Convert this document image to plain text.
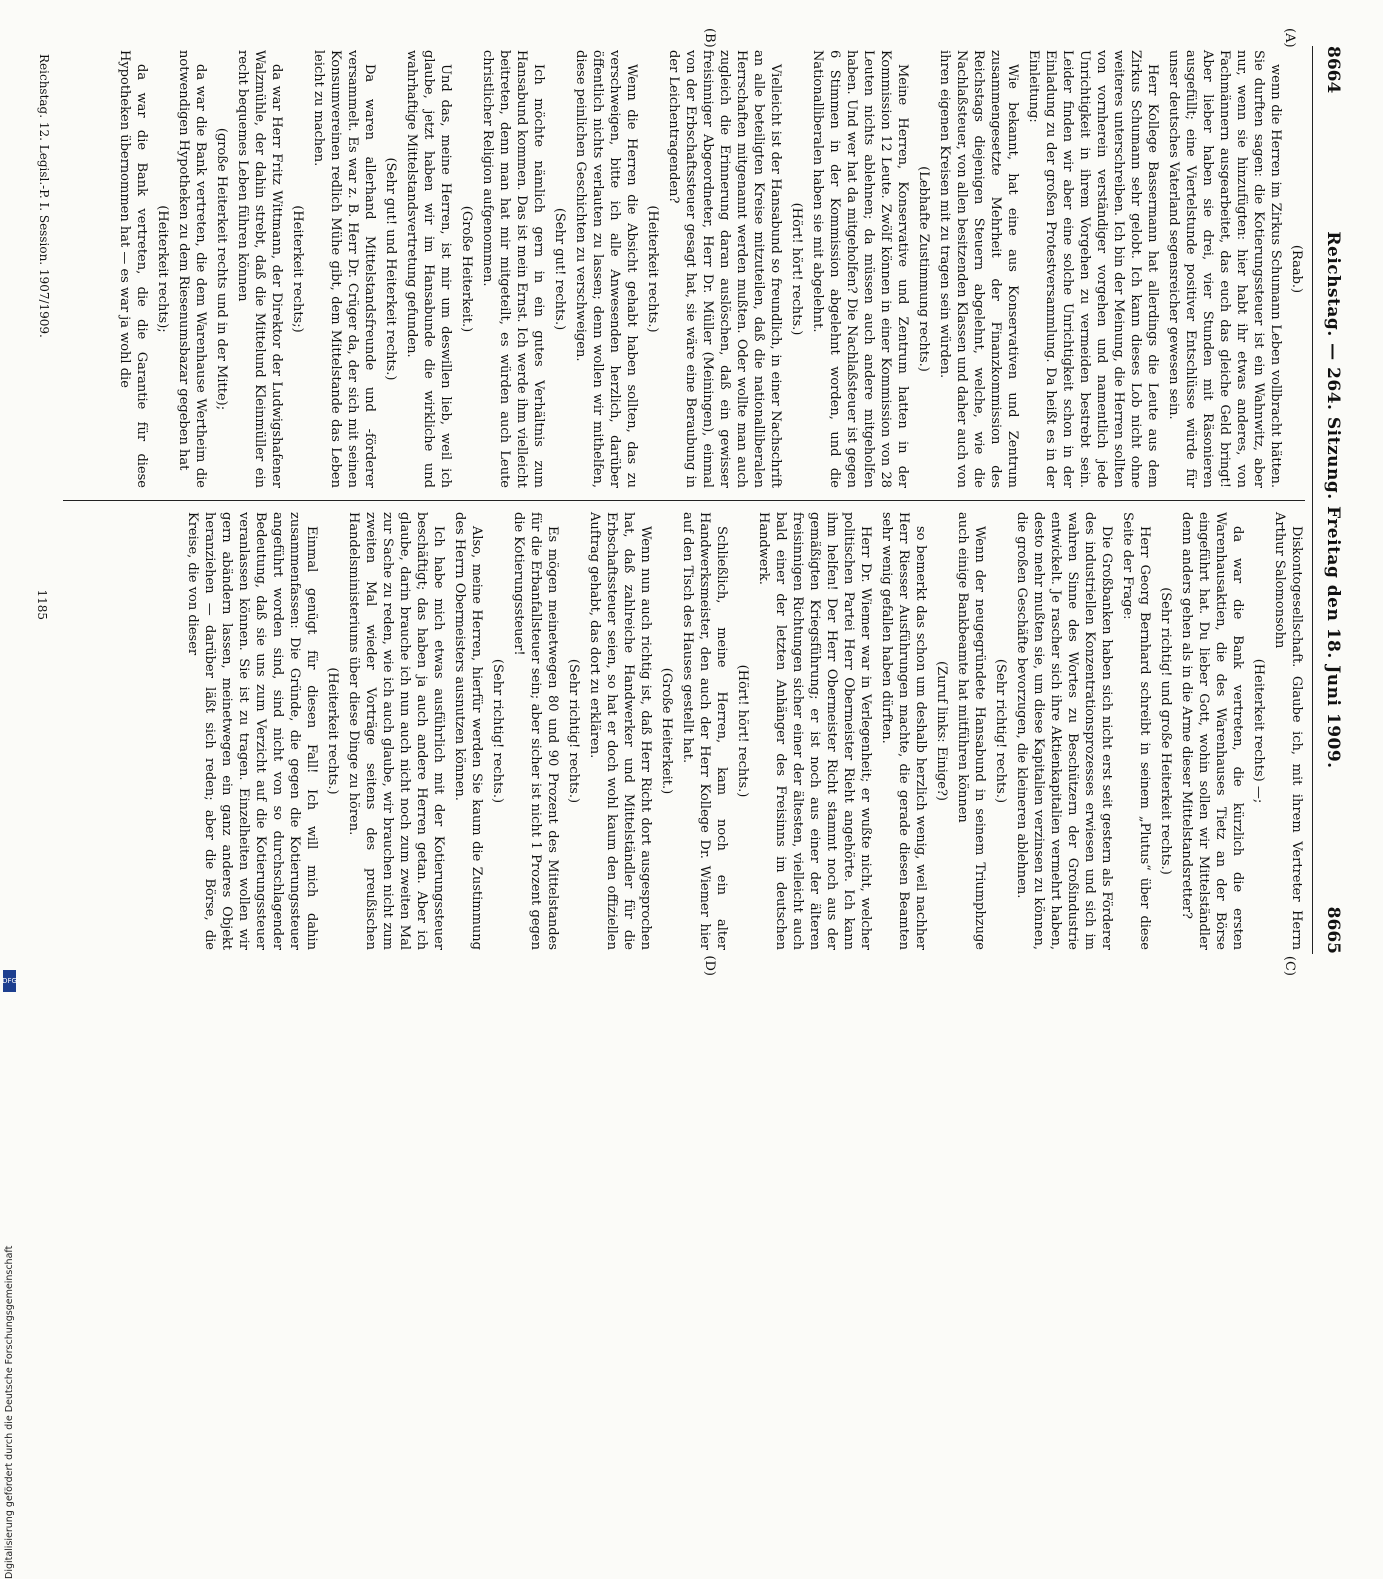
8664
Reichstag. — 264. Sitzung. Freitag den 18. Juni 1909.
8665
(A)
(B)
(C)
(D)

(Raab.)

wenn die Herren im Zirkus Schumann Leben vollbracht hätten. Sie durften sagen: die Kotierungssteuer ist ein Wahnwitz, aber nur, wenn sie hinzufügten: hier habt ihr etwas anderes, von Fachmännern ausgearbeitet, das euch das gleiche Geld bringt! Aber lieber haben sie drei, vier Stunden mit Räsonieren ausgefüllt; eine Viertelstunde positiver Entschlüsse würde für unser deutsches Vaterland segensreicher gewesen sein.

Herr Kollege Bassermann hat allerdings die Leute aus dem Zirkus Schumann sehr gelobt. Ich kann dieses Lob nicht ohne weiteres unterschreiben. Ich bin der Meinung, die Herren sollten von vornherein verständiger vorgehen und namentlich jede Unrichtigkeit in ihrem Vorgehen zu vermeiden bestrebt sein. Leider finden wir aber eine solche Unrichtigkeit schon in der Einladung zu der großen Protestversammlung. Da heißt es in der Einleitung:

Wie bekannt, hat eine aus Konservativen und Zentrum zusammengesetzte Mehrheit der Finanzkommission des Reichstags diejenigen Steuern abgelehnt, welche, wie die Nachlaßsteuer, von allen besitzenden Klassen und daher auch von ihren eigenen Kreisen mit zu tragen sein würden.

(Lebhafte Zustimmung rechts.)

Meine Herren, Konservative und Zentrum hatten in der Kommission 12 Leute. Zwölf können in einer Kommission von 28 Leuten nichts ablehnen; da müssen auch andere mitgeholfen haben. Und wer hat da mitgeholfen? Die Nachlaßsteuer ist gegen 6 Stimmen in der Kommission abgelehnt worden, und die Nationalliberalen haben sie mit abgelehnt.

(Hört! hört! rechts.)

Vielleicht ist der Hansabund so freundlich, in einer Nachschrift an alle beteiligten Kreise mitzuteilen, daß die nationalliberalen Herrschaften mitgenannt werden mußten. Oder wollte man auch zugleich die Erinnerung daran auslöschen, daß ein gewisser freisinniger Abgeordneter, Herr Dr. Müller (Meiningen), einmal von der Erbschaftssteuer gesagt hat, sie wäre eine Beraubung in der Leichentragenden?

(Heiterkeit rechts.)

Wenn die Herren die Absicht gehabt haben sollten, das zu verschweigen, bitte ich alle Anwesenden herzlich, darüber öffentlich nichts verlauten zu lassen; denn wollen wir mithelfen, diese peinlichen Geschichten zu verschweigen.

(Sehr gut! rechts.)

Ich möchte nämlich gern in ein gutes Verhältnis zum Hansabund kommen. Das ist mein Ernst. Ich werde ihm vielleicht beitreten, denn man hat mir mitgeteilt, es würden auch Leute christlicher Religion aufgenommen.

(Große Heiterkeit.)

Und das, meine Herren, ist mir um deswillen lieb, weil ich glaube, jetzt haben wir im Hansabunde die wirkliche und wahrhaftige Mittelstandsvertretung gefunden.

(Sehr gut! und Heiterkeit rechts.)

Da waren allerhand Mittelstandsfreunde und -förderer versammelt. Es war z. B. Herr Dr. Crüger da, der sich mit seinen Konsumvereinen redlich Mühe gibt, dem Mittelstande das Leben leicht zu machen.

(Heiterkeit rechts;)

da war Herr Fritz Wittmann, der Direktor der Ludwigshafener Walzmühle, der dahin strebt, daß die Mittelund Kleinmüller ein recht bequemes Leben führen können

(große Heiterkeit rechts und in der Mitte);

da war die Bank vertreten, die dem Warenhause Wertheim die notwendigen Hypotheken zu dem Riesenumsbazar gegeben hat

(Heiterkeit rechts);

da war die Bank vertreten, die die Garantie für diese Hypotheken übernommen hat — es war ja wohl die

Diskontogesellschaft. Glaube ich, mit ihrem Vertreter Herrn Arthur Salomonsohn

(Heiterkeit rechts) —;

da war die Bank vertreten, die kürzlich die ersten Warenhausaktien, die des Warenhauses Tietz an der Börse eingeführt hat. Du lieber Gott, wohin sollen wir Mittelständler denn anders gehen als in die Arme dieser Mittelstandsretter?

(Sehr richtig! und große Heiterkeit rechts.)

Herr Georg Bernhard schreibt in seinem „Plutus“ über diese Seite der Frage:

Die Großbanken haben sich nicht erst seit gestern als Förderer des industriellen Konzentrationsprozesses erwiesen und sich im wahren Sinne des Wortes zu Beschützern der Großindustrie entwickelt. Je rascher sich ihre Aktienkapitalien vermehrt haben, desto mehr mußten sie, um diese Kapitalien verzinsen zu können, die großen Geschäfte bevorzugen, die kleineren ablehnen.

(Sehr richtig! rechts.)

Wenn der neugegründete Hansabund in seinem Triumphzuge auch einige Bankbeamte hat mitführen können

(Zuruf links: Einige?)

so bemerkt das schon um deshalb herzlich wenig, weil nachher Herr Riesser Ausführungen machte, die gerade diesen Beamten sehr wenig gefallen haben dürften.

Herr Dr. Wiemer war in Verlegenheit; er wußte nicht, welcher politischen Partei Herr Obermeister Rieht angehörte. Ich kann ihm helfen! Der Herr Obermeister Richt stammt noch aus der gemäßigten Kriegsführung; er ist noch aus einer der älteren freisinnigen Richtungen sicher einer der ältesten, vielleicht auch bald einer der letzten Anhänger des Freisinns im deutschen Handwerk.

(Hört! hört! rechts.)

Schließlich, meine Herren, kam noch ein alter Handwerksmeister, den auch der Herr Kollege Dr. Wiemer hier auf den Tisch des Hauses gestellt hat.

(Große Heiterkeit.)

Wenn nun auch richtig ist, daß Herr Richt dort ausgesprochen hat, daß zahlreiche Handwerker und Mittelständler für die Erbschaftssteuer seien, so hat er doch wohl kaum den offiziellen Auftrag gehabt, das dort zu erklären.

(Sehr richtig! rechts.)

Es mögen meinetwegen 80 und 90 Prozent des Mittelstandes für die Erbanfallsteuer sein; aber sicher ist nicht 1 Prozent gegen die Kotierungssteuer!

(Sehr richtig! rechts.)

Also, meine Herren, hierfür werden Sie kaum die Zustimmung des Herrn Obermeisters ausnutzen können.

Ich habe mich etwas ausführlich mit der Kotierungssteuer beschäftigt; das haben ja auch andere Herren getan. Aber ich glaube, darin brauche ich nun auch nicht noch zum zweiten Mal zur Sache zu reden, wie ich auch glaube, wir brauchen nicht zum zweiten Mal wieder Vorträge seitens des preußischen Handelsministeriums über diese Dinge zu hören.

(Heiterkeit rechts.)

Einmal genügt für diesen Fall! Ich will mich dahin zusammenfassen: Die Gründe, die gegen die Kotierungssteuer angeführt worden sind, sind nicht von so durchschlagender Bedeutung, daß sie uns zum Verzicht auf die Kotierungssteuer veranlassen können. Sie ist zu tragen. Einzelheiten wollen wir gern abändern lassen, meinetwegen ein ganz anderes Objekt heranziehen — darüber läßt sich reden; aber die Börse, die Kreise, die von dieser

Reichstag. 12. Legisl.-P. I. Session. 1907/1909.
1185
Digitalisierung gefördert durch die Deutsche Forschungsgemeinschaft
DFG
